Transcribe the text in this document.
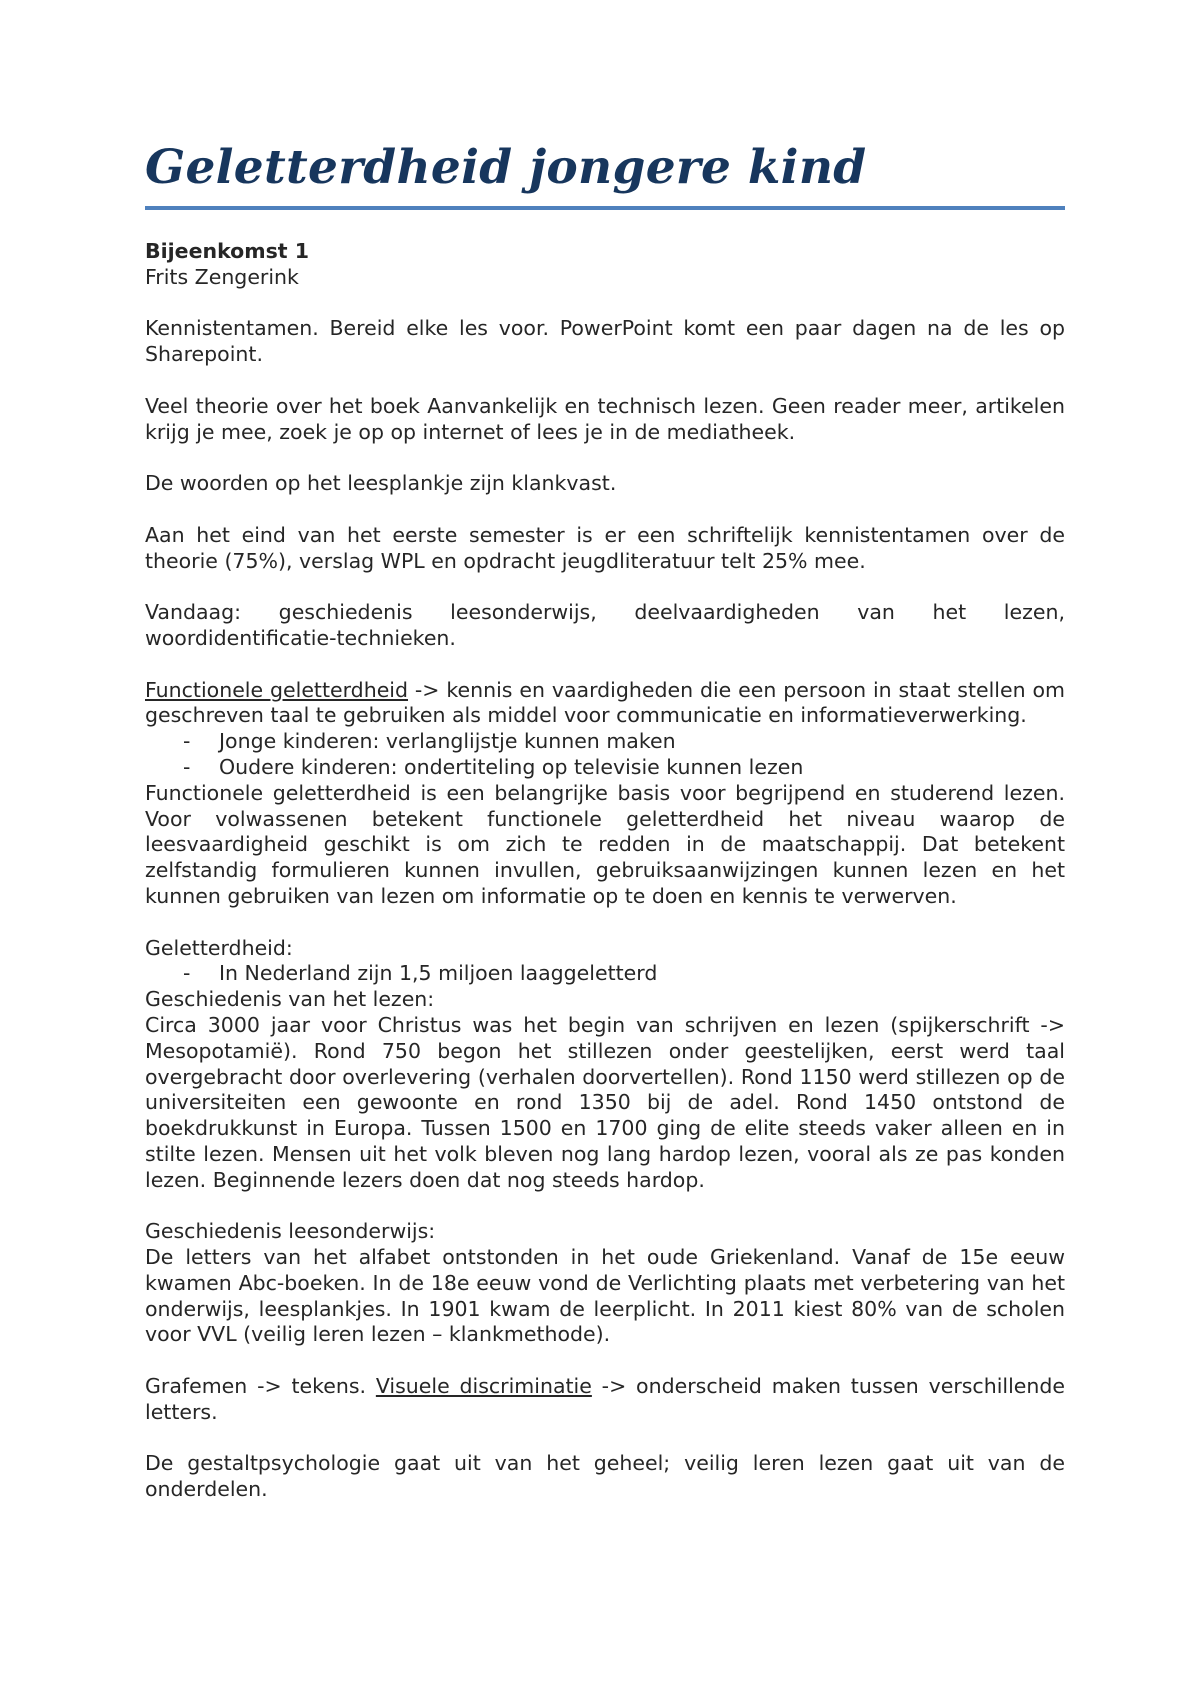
Geletterdheid jongere kind

Bijeenkomst 1

Frits Zengerink

Kennistentamen. Bereid elke les voor. PowerPoint komt een paar dagen na de les op Sharepoint.

Veel theorie over het boek Aanvankelijk en technisch lezen. Geen reader meer, artikelen krijg je mee, zoek je op op internet of lees je in de mediatheek.

De woorden op het leesplankje zijn klankvast.

Aan het eind van het eerste semester is er een schriftelijk kennistentamen over de theorie (75%), verslag WPL en opdracht jeugdliteratuur telt 25% mee.

Vandaag: geschiedenis leesonderwijs, deelvaardigheden van het lezen, woordidentificatie-technieken.

Functionele geletterdheid -> kennis en vaardigheden die een persoon in staat stellen om geschreven taal te gebruiken als middel voor communicatie en informatieverwerking.

- Jonge kinderen: verlanglijstje kunnen maken
- Oudere kinderen: ondertiteling op televisie kunnen lezen

Functionele geletterdheid is een belangrijke basis voor begrijpend en studerend lezen. Voor volwassenen betekent functionele geletterdheid het niveau waarop de leesvaardigheid geschikt is om zich te redden in de maatschappij. Dat betekent zelfstandig formulieren kunnen invullen, gebruiksaanwijzingen kunnen lezen en het kunnen gebruiken van lezen om informatie op te doen en kennis te verwerven.

Geletterdheid:

- In Nederland zijn 1,5 miljoen laaggeletterd

Geschiedenis van het lezen:

Circa 3000 jaar voor Christus was het begin van schrijven en lezen (spijkerschrift -> Mesopotamië). Rond 750 begon het stillezen onder geestelijken, eerst werd taal overgebracht door overlevering (verhalen doorvertellen). Rond 1150 werd stillezen op de universiteiten een gewoonte en rond 1350 bij de adel. Rond 1450 ontstond de boekdrukkunst in Europa. Tussen 1500 en 1700 ging de elite steeds vaker alleen en in stilte lezen. Mensen uit het volk bleven nog lang hardop lezen, vooral als ze pas konden lezen. Beginnende lezers doen dat nog steeds hardop.

Geschiedenis leesonderwijs:

De letters van het alfabet ontstonden in het oude Griekenland. Vanaf de 15e eeuw kwamen Abc-boeken. In de 18e eeuw vond de Verlichting plaats met verbetering van het onderwijs, leesplankjes. In 1901 kwam de leerplicht. In 2011 kiest 80% van de scholen voor VVL (veilig leren lezen – klankmethode).

Grafemen -> tekens. Visuele discriminatie -> onderscheid maken tussen verschillende letters.

De gestaltpsychologie gaat uit van het geheel; veilig leren lezen gaat uit van de onderdelen.
